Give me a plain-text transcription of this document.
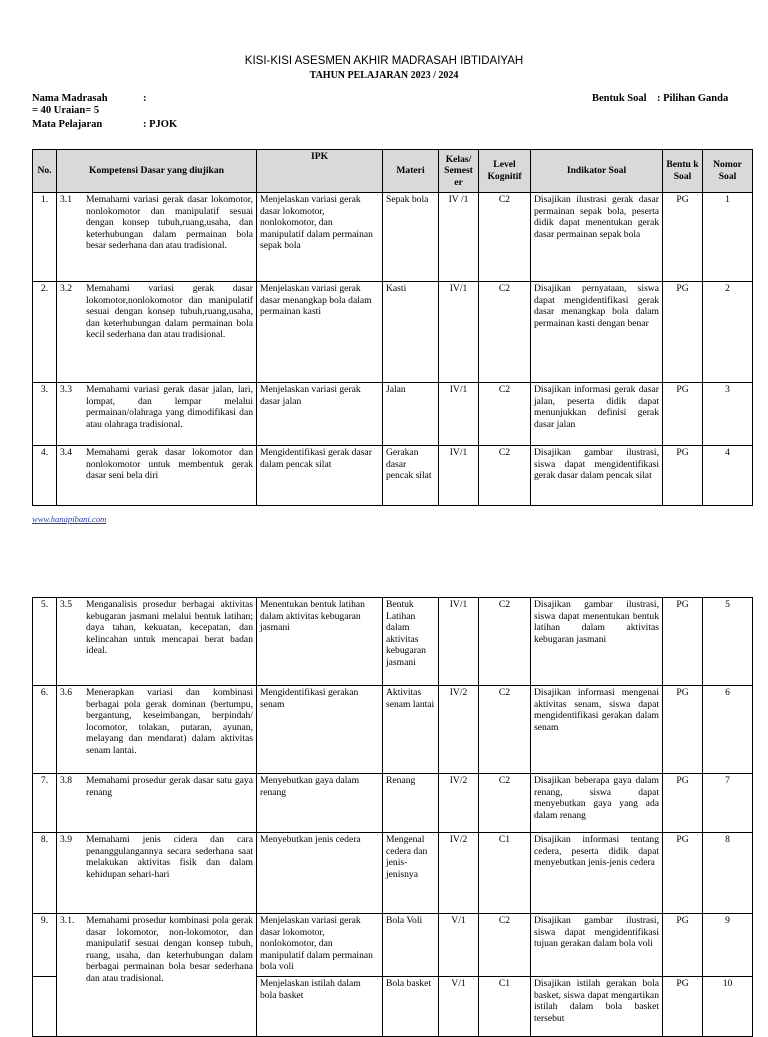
KISI-KISI ASESMEN AKHIR MADRASAH IBTIDAIYAH
TAHUN PELAJARAN 2023 / 2024
Nama Madrasah	:
= 40 Uraian= 5
Mata Pelajaran	: PJOK
Bentuk Soal : Pilihan Ganda
No.	Kompetensi Dasar yang diujikan	IPK	Materi	Kelas/ Semest er	Level Kognitif	Indikator Soal	Bentu k Soal	Nomor Soal
1.	3.1 Memahami variasi gerak dasar lokomotor, nonlokomotor dan manipulatif sesuai dengan konsep tubuh,ruang,usaha, dan keterhubungan dalam permainan bola besar sederhana dan atau tradisional.	Menjelaskan variasi gerak dasar lokomotor, nonlokomotor, dan manipulatif dalam permainan sepak bola	Sepak bola	IV /1	C2	Disajikan ilustrasi gerak dasar permainan sepak bola, peserta didik dapat menentukan gerak dasar permainan sepak bola	PG	1
2.	3.2 Memahami variasi gerak dasar lokomotor,nonlokomotor dan manipulatif sesuai dengan konsep tubuh,ruang,usaha, dan keterhubungan dalam permainan bola kecil sederhana dan atau tradisional.	Menjelaskan variasi gerak dasar menangkap bola dalam permainan kasti	Kasti	IV/1	C2	Disajikan pernyataan, siswa dapat mengidentifikasi gerak dasar menangkap bola dalam permainan kasti dengan benar	PG	2
3.	3.3 Memahami variasi gerak dasar jalan, lari, lompat, dan lempar melalui permainan/olahraga yang dimodifikasi dan atau olahraga tradisional.	Menjelaskan variasi gerak dasar jalan	Jalan	IV/1	C2	Disajikan informasi gerak dasar jalan, peserta didik dapat menunjukkan definisi gerak dasar jalan	PG	3
4.	3.4 Memahami gerak dasar lokomotor dan nonlokomotor untuk membentuk gerak dasar seni bela diri	Mengidentifikasi gerak dasar dalam pencak silat	Gerakan dasar pencak silat	IV/1	C2	Disajikan gambar ilustrasi, siswa dapat mengidentifikasi gerak dasar dalam pencak silat	PG	4
www.hanapibani.com
5.	3.5 Menganalisis prosedur berbagai aktivitas kebugaran jasmani melalui bentuk latihan; daya tahan, kekuatan, kecepatan, dan kelincahan untuk mencapai berat badan ideal.	Menentukan bentuk latihan dalam aktivitas kebugaran jasmani	Bentuk Latihan dalam aktivitas kebugaran jasmani	IV/1	C2	Disajikan gambar ilustrasi, siswa dapat menentukan bentuk latihan dalam aktivitas kebugaran jasmani	PG	5
6.	3.6 Menerapkan variasi dan kombinasi berbagai pola gerak dominan (bertumpu, bergantung, keseimbangan, berpindah/ locomotor, tolakan, putaran, ayunan, melayang dan mendarat) dalam aktivitas senam lantai.	Mengidentifikasi gerakan senam	Aktivitas senam lantai	IV/2	C2	Disajikan informasi mengenai aktivitas senam, siswa dapat mengidentifikasi gerakan dalam senam	PG	6
7.	3.8 Memahami prosedur gerak dasar satu gaya renang	Menyebutkan gaya dalam renang	Renang	IV/2	C2	Disajikan beberapa gaya dalam renang, siswa dapat menyebutkan gaya yang ada dalam renang	PG	7
8.	3.9 Memahami jenis cidera dan cara penanggulangannya secara sederhana saat melakukan aktivitas fisik dan dalam kehidupan sehari-hari	Menyebutkan jenis cedera	Mengenal cedera dan jenis-jenisnya	IV/2	C1	Disajikan informasi tentang cedera, peserta didik dapat menyebutkan jenis-jenis cedera	PG	8
9.	3.1. Memahami prosedur kombinasi pola gerak dasar lokomotor, non-lokomotor, dan manipulatif sesuai dengan konsep tubuh, ruang, usaha, dan keterhubungan dalam berbagai permainan bola besar sederhana dan atau tradisional.	Menjelaskan variasi gerak dasar lokomotor, nonlokomotor, dan manipulatif dalam permainan bola voli	Bola Voli	V/1	C2	Disajikan gambar ilustrasi, siswa dapat mengidentifikasi tujuan gerakan dalam bola voli	PG	9
		Menjelaskan istilah dalam bola basket	Bola basket	V/1	C1	Disajikan istilah gerakan bola basket, siswa dapat mengartikan istilah dalam bola basket tersebut	PG	10
